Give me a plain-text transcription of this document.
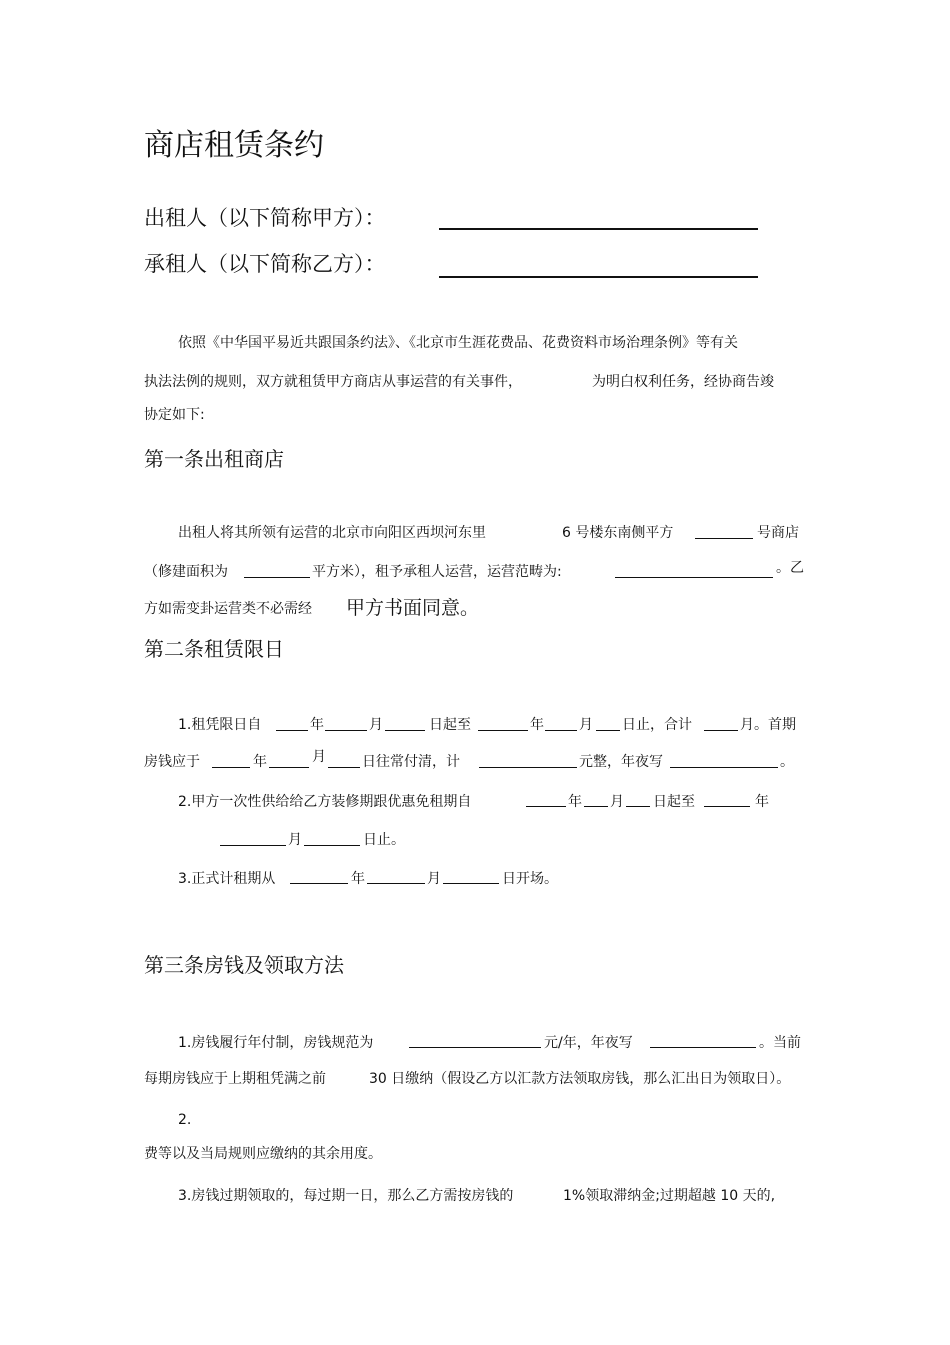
商店租赁条约
出租人（以下简称甲方）：
承租人（以下简称乙方）：
依照《中华国平易近共跟国条约法》、《北京市生涯花费品、花费资料市场治理条例》等有关
执法法例的规则，双方就租赁甲方商店从事运营的有关事件，	为明白权利任务，经协商告竣
协定如下:
第一条出租商店
出租人将其所领有运营的北京市向阳区西坝河东里	6 号楼东南侧平方	号商店
（修建面积为	平方米），租予承租人运营，运营范畴为:	。乙
方如需变卦运营类不必需经 甲方书面同意。
第二条租赁限日
1.租凭限日自	年	月	日起至	年	月 日止，合计	月。首期
房钱应于	年	月	日往常付清，计	元整，年夜写	。
2.甲方一次性供给给乙方装修期跟优惠免租期自	年 月 日起至	年
月	日止。
3.正式计租期从	年	月	日开场。
第三条房钱及领取方法
1.房钱履行年付制，房钱规范为	元/年，年夜写	。当前
每期房钱应于上期租凭满之前	30 日缴纳（假设乙方以汇款方法领取房钱，那么汇出日为领取日）。
2.
费等以及当局规则应缴纳的其余用度。
3.房钱过期领取的，每过期一日，那么乙方需按房钱的	1%领取滞纳金;过期超越 10 天的,
